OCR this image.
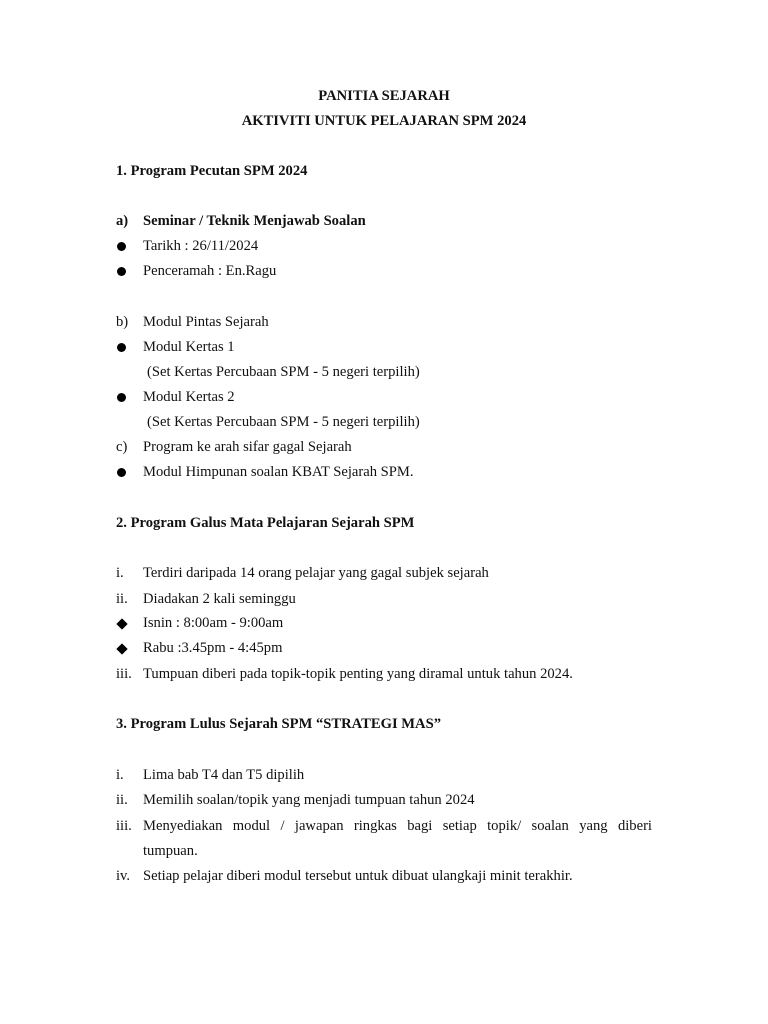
PANITIA SEJARAH
AKTIVITI UNTUK PELAJARAN SPM 2024
1. Program Pecutan SPM 2024
a) Seminar / Teknik Menjawab Soalan
Tarikh : 26/11/2024
Penceramah : En.Ragu
b) Modul Pintas Sejarah
Modul Kertas 1
(Set Kertas Percubaan SPM - 5 negeri terpilih)
Modul Kertas 2
(Set Kertas Percubaan SPM - 5 negeri terpilih)
c) Program ke arah sifar gagal Sejarah
Modul Himpunan soalan KBAT Sejarah SPM.
2. Program Galus Mata Pelajaran Sejarah SPM
i. Terdiri daripada 14 orang pelajar yang gagal subjek sejarah
ii. Diadakan 2 kali seminggu
Isnin : 8:00am - 9:00am
Rabu :3.45pm - 4:45pm
iii. Tumpuan diberi pada topik-topik penting yang diramal untuk tahun 2024.
3. Program Lulus Sejarah SPM “STRATEGI MAS”
i. Lima bab T4 dan T5 dipilih
ii. Memilih soalan/topik yang menjadi tumpuan tahun 2024
iii. Menyediakan modul / jawapan ringkas bagi setiap topik/ soalan yang diberi
tumpuan.
iv. Setiap pelajar diberi modul tersebut untuk dibuat ulangkaji minit terakhir.
